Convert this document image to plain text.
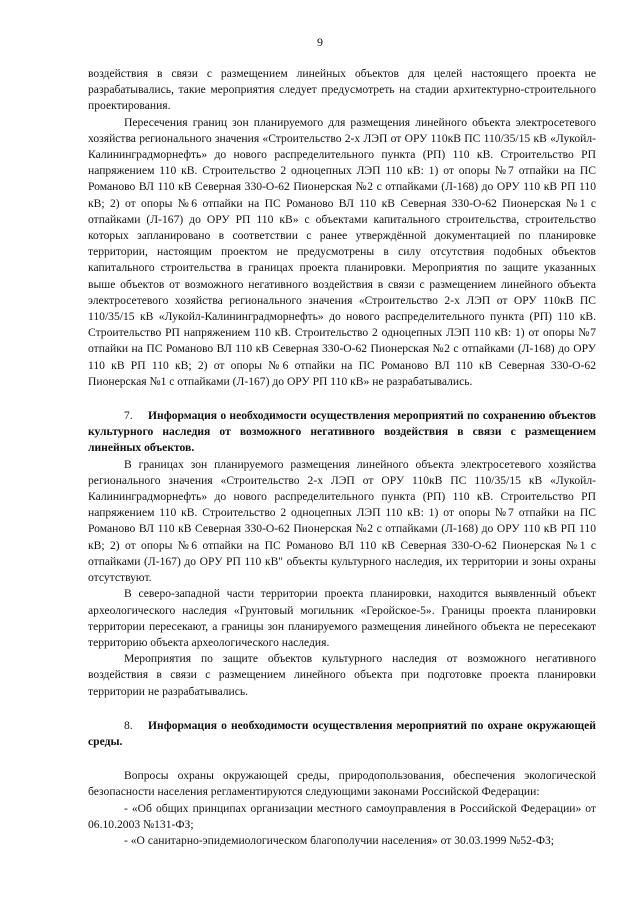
9

воздействия в связи с размещением линейных объектов для целей настоящего проекта не разрабатывались, такие мероприятия следует предусмотреть на стадии архитектурно-строительного проектирования.

Пересечения границ зон планируемого для размещения линейного объекта электросетевого хозяйства регионального значения «Строительство 2-х ЛЭП от ОРУ 110кВ ПС 110/35/15 кВ «Лукойл-Калининградморнефть» до нового распределительного пункта (РП) 110 кВ. Строительство РП напряжением 110 кВ. Строительство 2 одноцепных ЛЭП 110 кВ: 1) от опоры №7 отпайки на ПС Романово ВЛ 110 кВ Северная 330-О-62 Пионерская №2 с отпайками (Л-168) до ОРУ 110 кВ РП 110 кВ; 2) от опоры №6 отпайки на ПС Романово ВЛ 110 кВ Северная 330-О-62 Пионерская №1 с отпайками (Л-167) до ОРУ РП 110 кВ» с объектами капитального строительства, строительство которых запланировано в соответствии с ранее утверждённой документацией по планировке территории, настоящим проектом не предусмотрены в силу отсутствия подобных объектов капитального строительства в границах проекта планировки. Мероприятия по защите указанных выше объектов от возможного негативного воздействия в связи с размещением линейного объекта электросетевого хозяйства регионального значения «Строительство 2-х ЛЭП от ОРУ 110кВ ПС 110/35/15 кВ «Лукойл-Калининградморнефть» до нового распределительного пункта (РП) 110 кВ. Строительство РП напряжением 110 кВ. Строительство 2 одноцепных ЛЭП 110 кВ: 1) от опоры №7 отпайки на ПС Романово ВЛ 110 кВ Северная 330-О-62 Пионерская №2 с отпайками (Л-168) до ОРУ 110 кВ РП 110 кВ; 2) от опоры №6 отпайки на ПС Романово ВЛ 110 кВ Северная 330-О-62 Пионерская №1 с отпайками (Л-167) до ОРУ РП 110 кВ» не разрабатывались.

7. Информация о необходимости осуществления мероприятий по сохранению объектов культурного наследия от возможного негативного воздействия в связи с размещением линейных объектов.

В границах зон планируемого размещения линейного объекта электросетевого хозяйства регионального значения «Строительство 2-х ЛЭП от ОРУ 110кВ ПС 110/35/15 кВ «Лукойл-Калининградморнефть» до нового распределительного пункта (РП) 110 кВ. Строительство РП напряжением 110 кВ. Строительство 2 одноцепных ЛЭП 110 кВ: 1) от опоры №7 отпайки на ПС Романово ВЛ 110 кВ Северная 330-О-62 Пионерская №2 с отпайками (Л-168) до ОРУ 110 кВ РП 110 кВ; 2) от опоры №6 отпайки на ПС Романово ВЛ 110 кВ Северная 330-О-62 Пионерская №1 с отпайками (Л-167) до ОРУ РП 110 кВ" объекты культурного наследия, их территории и зоны охраны отсутствуют.

В северо-западной части территории проекта планировки, находится выявленный объект археологического наследия «Грунтовый могильник «Геройское-5». Границы проекта планировки территории пересекают, а границы зон планируемого размещения линейного объекта не пересекают территорию объекта археологического наследия.

Мероприятия по защите объектов культурного наследия от возможного негативного воздействия в связи с размещением линейного объекта при подготовке проекта планировки территории не разрабатывались.

8. Информация о необходимости осуществления мероприятий по охране окружающей среды.

Вопросы охраны окружающей среды, природопользования, обеспечения экологической безопасности населения регламентируются следующими законами Российской Федерации:

- «Об общих принципах организации местного самоуправления в Российской Федерации» от 06.10.2003 №131-ФЗ;

- «О санитарно-эпидемиологическом благополучии населения» от 30.03.1999 №52-ФЗ;
